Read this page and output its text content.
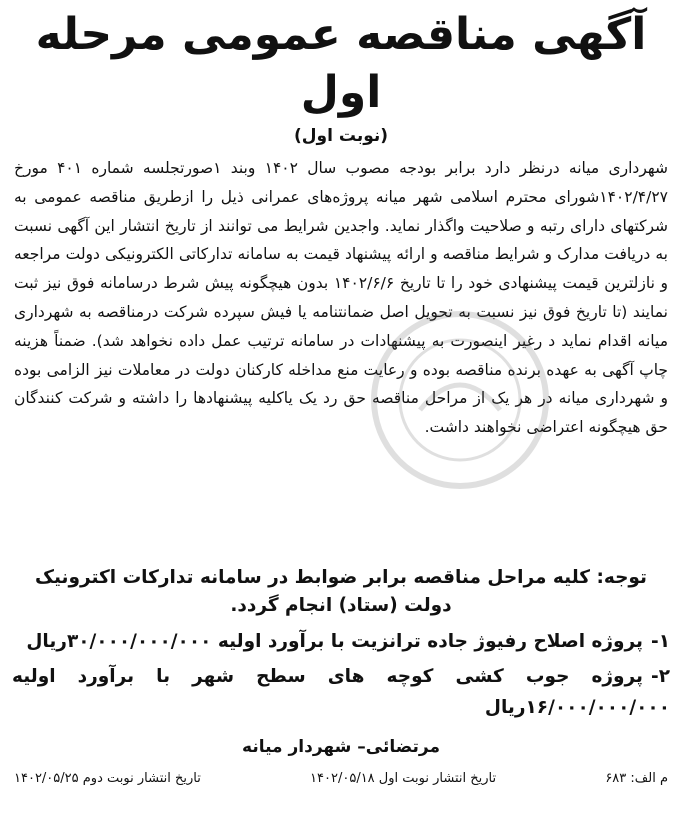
آگهی مناقصه عمومی مرحله اول
(نوبت اول)

شهرداری میانه درنظر دارد برابر بودجه مصوب سال ۱۴۰۲ وبند ۱صورتجلسه شماره ۴۰۱ مورخ ۱۴۰۲/۴/۲۷شورای محترم اسلامی شهر میانه پروژه‌های عمرانی ذیل را ازطریق مناقصه عمومی به شرکتهای دارای رتبه و صلاحیت واگذار نماید. واجدین شرایط می توانند از تاریخ انتشار این آگهی نسبت به دریافت مدارک و شرایط مناقصه و ارائه پیشنهاد قیمت به سامانه تدارکاتی الکترونیکی دولت مراجعه و نازلترین قیمت پیشنهادی خود را تا تاریخ ۱۴۰۲/۶/۶ بدون هیچگونه پیش شرط درسامانه فوق نیز ثبت نمایند (تا تاریخ فوق نیز نسبت به تحویل اصل ضمانتنامه یا فیش سپرده شرکت درمناقصه به شهرداری میانه اقدام نماید د رغیر اینصورت به پیشنهادات در سامانه ترتیب عمل داده نخواهد شد). ضمناً هزینه چاپ آگهی به عهده برنده مناقصه بوده و رعایت منع مداخله کارکنان دولت در معاملات نیز الزامی بوده و شهرداری میانه در هر یک از مراحل مناقصه حق رد یک یاکلیه پیشنهادها را داشته و شرکت کنندگان حق هیچگونه اعتراضی نخواهند داشت.

توجه: کلیه مراحل مناقصه برابر ضوابط در سامانه تدارکات اکترونیک دولت (ستاد) انجام گردد.
۱-پروژه اصلاح رفیوژ جاده ترانزیت با برآورد اولیه ۳۰/۰۰۰/۰۰۰/۰۰۰ریال
۲-پروژه جوب کشی کوچه های سطح شهر با برآورد اولیه ۱۶/۰۰۰/۰۰۰/۰۰۰ریال
مرتضائی– شهردار میانه
م الف: ۶۸۳
تاریخ انتشار نوبت اول ۱۴۰۲/۰۵/۱۸
تاریخ انتشار نوبت دوم ۱۴۰۲/۰۵/۲۵
